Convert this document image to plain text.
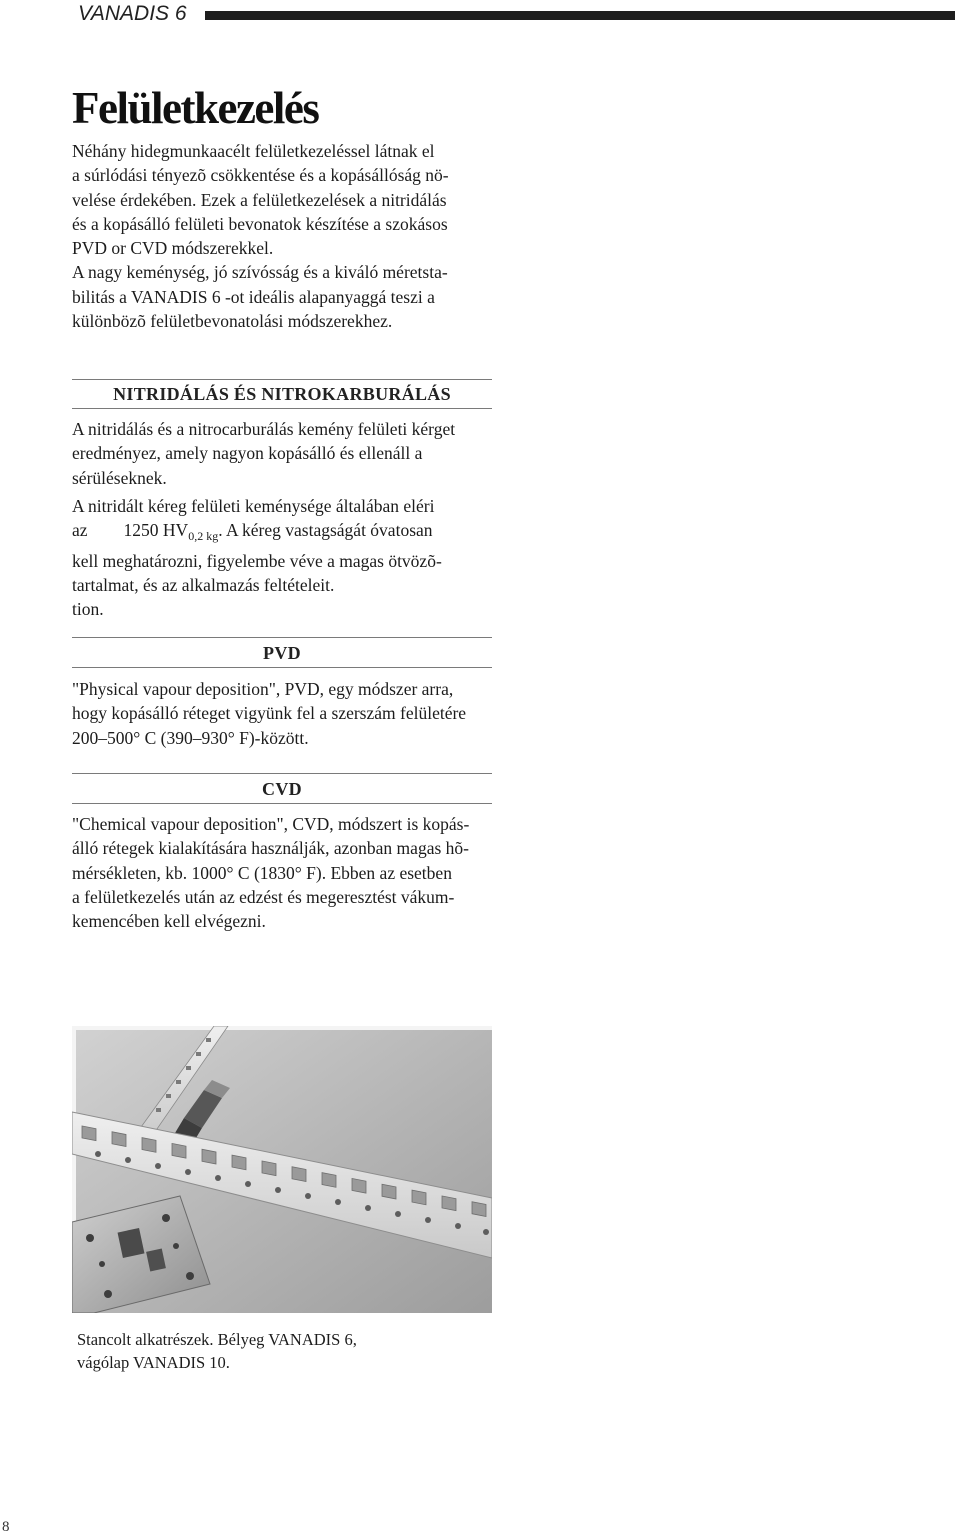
VANADIS 6
Felületkezelés

Néhány hidegmunkaacélt felületkezeléssel látnak el

a súrlódási tényezõ csökkentése és a kopásállóság nö-

velése érdekében. Ezek a felületkezelések a nitridálás

és a kopásálló felületi bevonatok készítése a szokásos

PVD or CVD módszerekkel.

A nagy keménység, jó szívósság és a kiváló méretsta-

bilitás a VANADIS 6 -ot ideális alapanyaggá teszi a

különbözõ felületbevonatolási módszerekhez.

NITRIDÁLÁS ÉS NITROKARBURÁLÁS

A nitridálás és a nitrocarburálás kemény felületi kérget

eredményez, amely nagyon kopásálló és ellenáll a

sérüléseknek.

A nitridált kéreg felületi keménysége általában eléri

az 1250 $HV_{0,2 kg}$. A kéreg vastagságát óvatosan

kell meghatározni, figyelembe véve a magas ötvözõ-

tartalmat, és az alkalmazás feltételeit.

tion.

PVD

"Physical vapour deposition", PVD, egy módszer arra,

hogy kopásálló réteget vigyünk fel a szerszám felületére

200–500° C (390–930° F)-között.

CVD

"Chemical vapour deposition", CVD, módszert is kopás-

álló rétegek kialakítására használják, azonban magas hõ-

mérsékleten, kb. 1000° C (1830° F). Ebben az esetben

a felületkezelés után az edzést és megeresztést vákum-

kemencében kell elvégezni.

Stancolt alkatrészek. Bélyeg VANADIS 6,

vágólap VANADIS 10.

8
